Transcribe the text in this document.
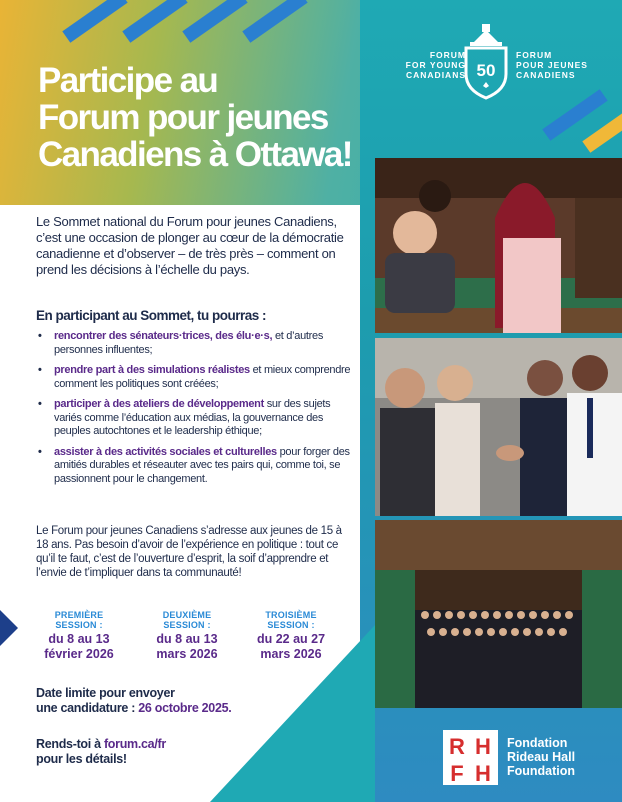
Participe au
Forum pour jeunes
Canadiens à Ottawa!
FORUM
FOR YOUNG
CANADIANS 50
FORUM
POUR JEUNES
CANADIENS

Le Sommet national du Forum pour jeunes Canadiens, c’est une occasion de plonger au cœur de la démocratie canadienne et d’observer – de très près – comment on prend les décisions à l’échelle du pays.

En participant au Sommet, tu pourras :

• rencontrer des sénateurs·trices, des élu·e·s, et d’autres personnes influentes;
• prendre part à des simulations réalistes et mieux comprendre comment les politiques sont créées;
• participer à des ateliers de développement sur des sujets variés comme l’éducation aux médias, la gouvernance des peuples autochtones et le leadership éthique;
• assister à des activités sociales et culturelles pour forger des amitiés durables et réseauter avec tes pairs qui, comme toi, se passionnent pour le changement.

Le Forum pour jeunes Canadiens s’adresse aux jeunes de 15 à 18 ans. Pas besoin d’avoir de l’expérience en politique : tout ce qu’il te faut, c’est de l’ouverture d’esprit, la soif d’apprendre et l’envie de t’impliquer dans ta communauté!

PREMIÈRE
SESSION :
du 8 au 13
février 2026
DEUXIÈME
SESSION :
du 8 au 13
mars 2026
TROISIÈME
SESSION :
du 22 au 27
mars 2026

Date limite pour envoyer
une candidature : 26 octobre 2025.

Rends-toi à forum.ca/fr
pour les détails!	R H
F H
Fondation
Rideau Hall
Foundation
